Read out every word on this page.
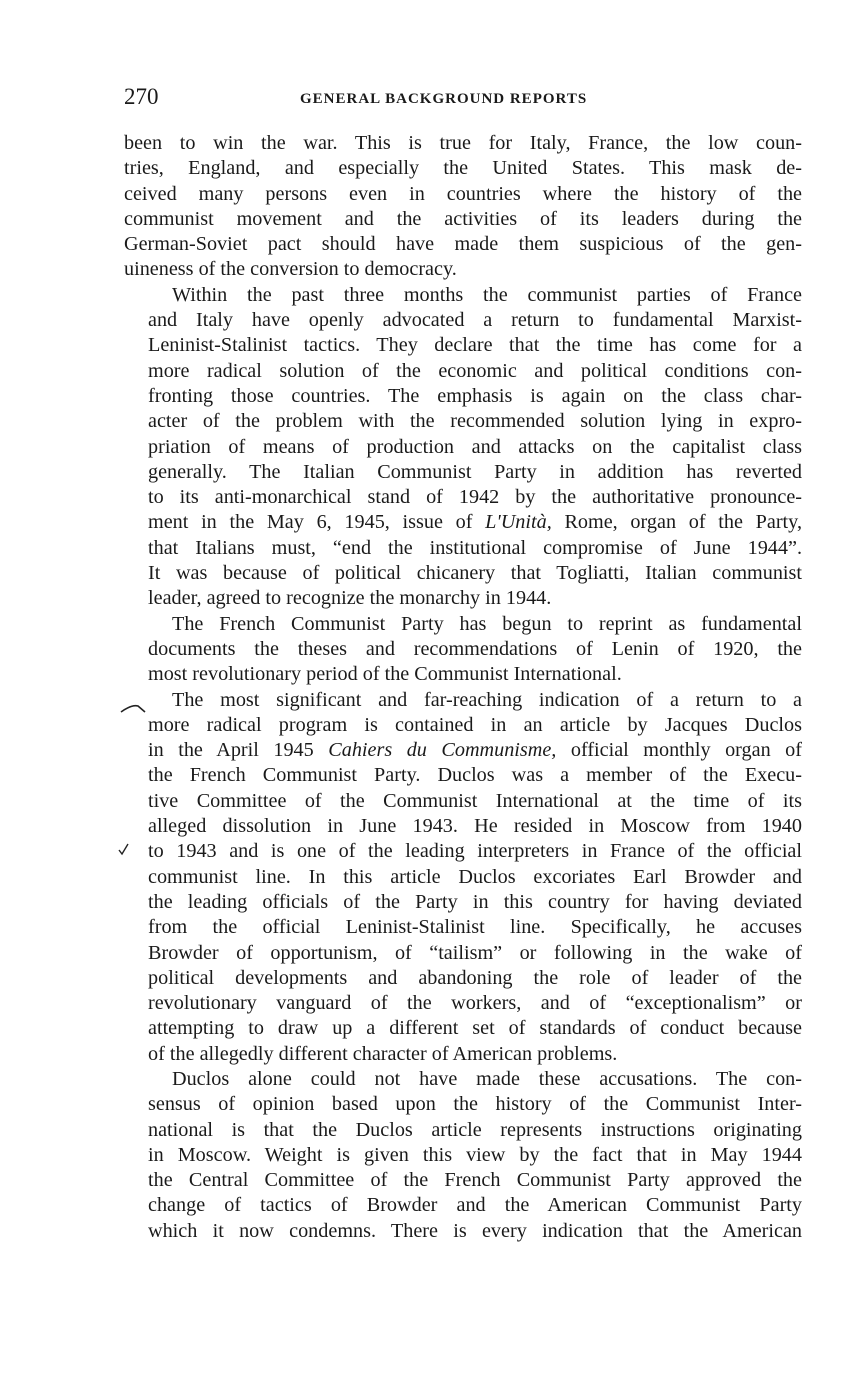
270	GENERAL BACKGROUND REPORTS
been to win the war. This is true for Italy, France, the low coun-
tries, England, and especially the United States. This mask de-
ceived many persons even in countries where the history of the
communist movement and the activities of its leaders during the
German-Soviet pact should have made them suspicious of the gen-
uineness of the conversion to democracy.
Within the past three months the communist parties of France
and Italy have openly advocated a return to fundamental Marxist-
Leninist-Stalinist tactics. They declare that the time has come for a
more radical solution of the economic and political conditions con-
fronting those countries. The emphasis is again on the class char-
acter of the problem with the recommended solution lying in expro-
priation of means of production and attacks on the capitalist class
generally. The Italian Communist Party in addition has reverted
to its anti-monarchical stand of 1942 by the authoritative pronounce-
ment in the May 6, 1945, issue of L'Unità, Rome, organ of the Party,
that Italians must, “end the institutional compromise of June 1944”.
It was because of political chicanery that Togliatti, Italian communist
leader, agreed to recognize the monarchy in 1944.
The French Communist Party has begun to reprint as fundamental
documents the theses and recommendations of Lenin of 1920, the
most revolutionary period of the Communist International.
The most significant and far-reaching indication of a return to a
more radical program is contained in an article by Jacques Duclos
in the April 1945 Cahiers du Communisme, official monthly organ of
the French Communist Party. Duclos was a member of the Execu-
tive Committee of the Communist International at the time of its
alleged dissolution in June 1943. He resided in Moscow from 1940
to 1943 and is one of the leading interpreters in France of the official
communist line. In this article Duclos excoriates Earl Browder and
the leading officials of the Party in this country for having deviated
from the official Leninist-Stalinist line. Specifically, he accuses
Browder of opportunism, of “tailism” or following in the wake of
political developments and abandoning the role of leader of the
revolutionary vanguard of the workers, and of “exceptionalism” or
attempting to draw up a different set of standards of conduct because
of the allegedly different character of American problems.
Duclos alone could not have made these accusations. The con-
sensus of opinion based upon the history of the Communist Inter-
national is that the Duclos article represents instructions originating
in Moscow. Weight is given this view by the fact that in May 1944
the Central Committee of the French Communist Party approved the
change of tactics of Browder and the American Communist Party
which it now condemns. There is every indication that the American
